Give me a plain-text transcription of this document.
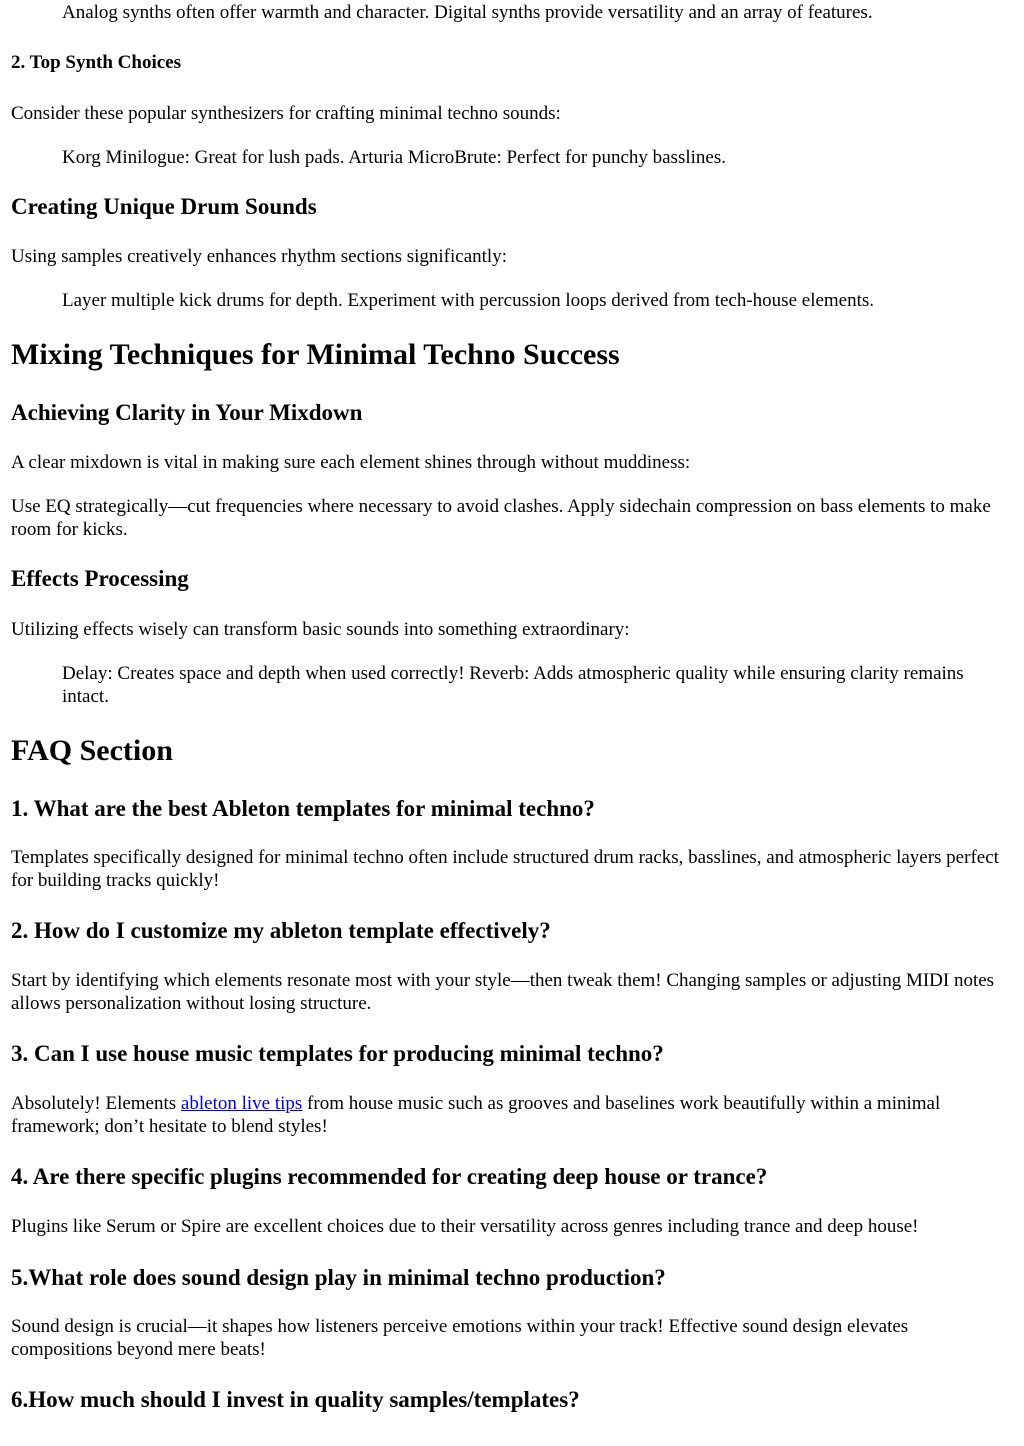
Analog synths often offer warmth and character. Digital synths provide versatility and an array of features.

2. Top Synth Choices

Consider these popular synthesizers for crafting minimal techno sounds:

Korg Minilogue: Great for lush pads. Arturia MicroBrute: Perfect for punchy basslines.

Creating Unique Drum Sounds

Using samples creatively enhances rhythm sections significantly:

Layer multiple kick drums for depth. Experiment with percussion loops derived from tech-house elements.

Mixing Techniques for Minimal Techno Success
Achieving Clarity in Your Mixdown

A clear mixdown is vital in making sure each element shines through without muddiness:

Use EQ strategically—cut frequencies where necessary to avoid clashes. Apply sidechain compression on bass elements to make room for kicks.

Effects Processing

Utilizing effects wisely can transform basic sounds into something extraordinary:

Delay: Creates space and depth when used correctly! Reverb: Adds atmospheric quality while ensuring clarity remains intact.

FAQ Section
1. What are the best Ableton templates for minimal techno?

Templates specifically designed for minimal techno often include structured drum racks, basslines, and atmospheric layers perfect for building tracks quickly!

2. How do I customize my ableton template effectively?

Start by identifying which elements resonate most with your style—then tweak them! Changing samples or adjusting MIDI notes allows personalization without losing structure.

3. Can I use house music templates for producing minimal techno?

Absolutely! Elements ableton live tips from house music such as grooves and baselines work beautifully within a minimal framework; don’t hesitate to blend styles!

4. Are there specific plugins recommended for creating deep house or trance?

Plugins like Serum or Spire are excellent choices due to their versatility across genres including trance and deep house!

5.What role does sound design play in minimal techno production?

Sound design is crucial—it shapes how listeners perceive emotions within your track! Effective sound design elevates compositions beyond mere beats!

6.How much should I invest in quality samples/templates?
